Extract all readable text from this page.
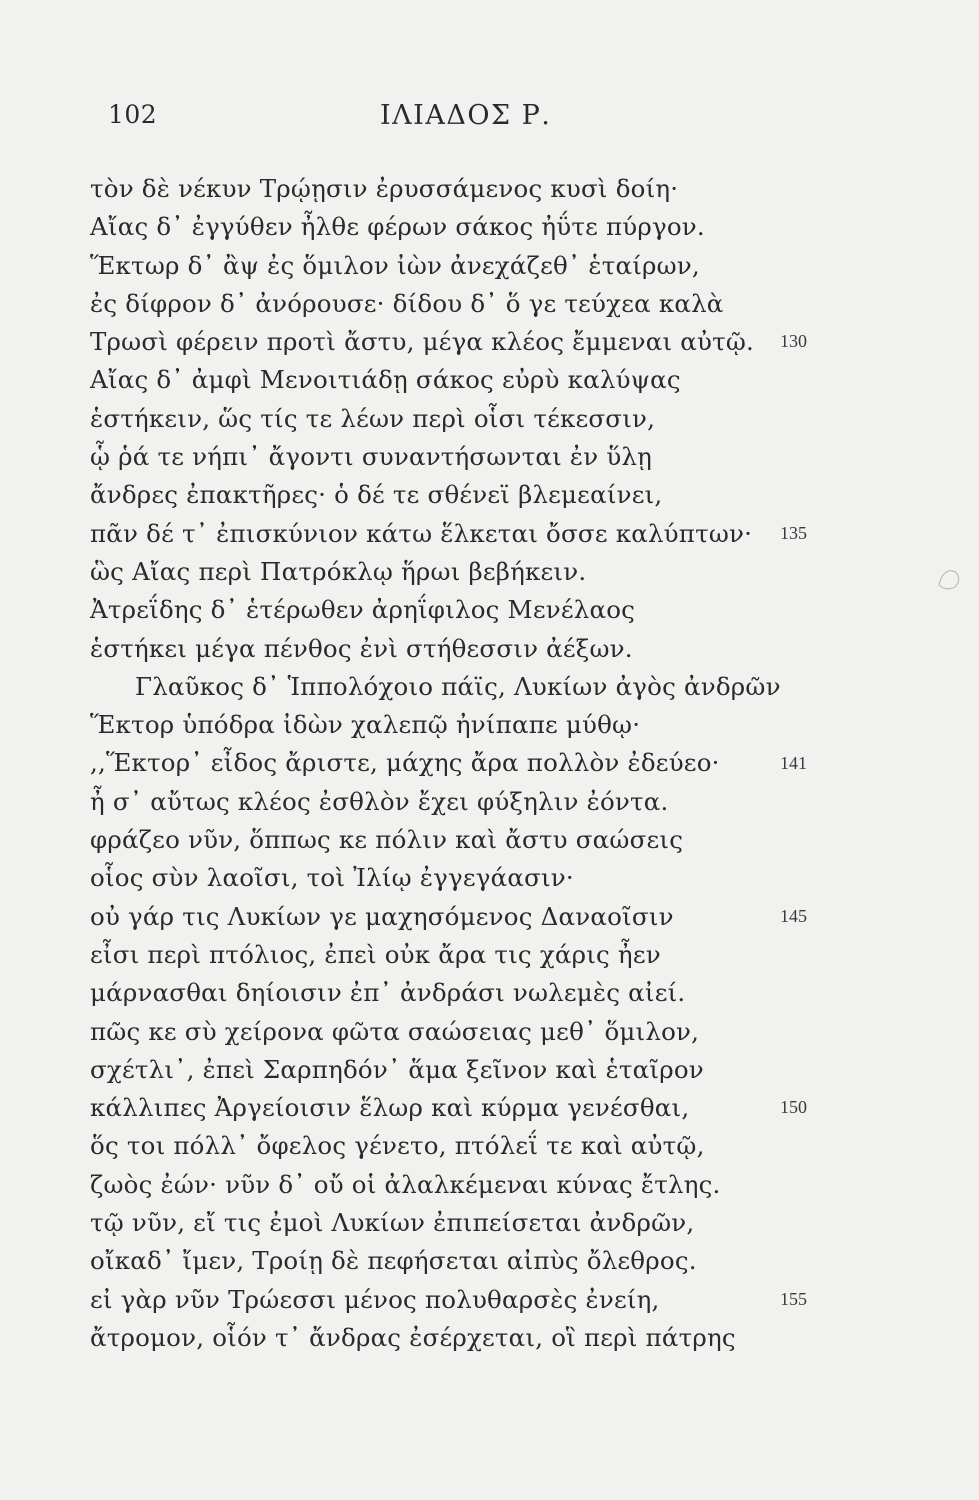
102	ΙΛΙΑΔΟΣ Ρ.
τὸν δὲ νέκυν Τρῴῃσιν ἐρυσσάμενος κυσὶ δοίη·
Αἴας δ᾽ ἐγγύθεν ἦλθε φέρων σάκος ἠΰτε πύργον.
Ἕκτωρ δ᾽ ἂψ ἐς ὅμιλον ἰὼν ἀνεχάζεθ᾽ ἑταίρων,
ἐς δίφρον δ᾽ ἀνόρουσε· δίδου δ᾽ ὅ γε τεύχεα καλὰ
Τρωσὶ φέρειν προτὶ ἄστυ, μέγα κλέος ἔμμεναι αὐτῷ.
Αἴας δ᾽ ἀμφὶ Μενοιτιάδῃ σάκος εὐρὺ καλύψας
ἑστήκειν, ὥς τίς τε λέων περὶ οἷσι τέκεσσιν,
ᾧ ῥά τε νήπι᾽ ἄγοντι συναντήσωνται ἐν ὕλῃ
ἄνδρες ἐπακτῆρες· ὁ δέ τε σθένεϊ βλεμεαίνει,
πᾶν δέ τ᾽ ἐπισκύνιον κάτω ἕλκεται ὄσσε καλύπτων·
ὣς Αἴας περὶ Πατρόκλῳ ἥρωι βεβήκειν.
Ἀτρεΐδης δ᾽ ἑτέρωθεν ἀρηΐφιλος Μενέλαος
ἑστήκει μέγα πένθος ἐνὶ στήθεσσιν ἀέξων.
Γλαῦκος δ᾽ Ἱππολόχοιο πάϊς, Λυκίων ἀγὸς ἀνδρῶν
Ἕκτορ ὑπόδρα ἰδὼν χαλεπῷ ἠνίπαπε μύθῳ·
,,Ἕκτορ᾽ εἶδος ἄριστε, μάχης ἄρα πολλὸν ἐδεύεο·
ἦ σ᾽ αὔτως κλέος ἐσθλὸν ἔχει φύξηλιν ἐόντα.
φράζεο νῦν, ὅππως κε πόλιν καὶ ἄστυ σαώσεις
οἷος σὺν λαοῖσι, τοὶ Ἰλίῳ ἐγγεγάασιν·
οὐ γάρ τις Λυκίων γε μαχησόμενος Δαναοῖσιν
εἶσι περὶ πτόλιος, ἐπεὶ οὐκ ἄρα τις χάρις ἦεν
μάρνασθαι δηίοισιν ἐπ᾽ ἀνδράσι νωλεμὲς αἰεί.
πῶς κε σὺ χείρονα φῶτα σαώσειας μεθ᾽ ὅμιλον,
σχέτλι᾽, ἐπεὶ Σαρπηδόν᾽ ἅμα ξεῖνον καὶ ἑταῖρον
κάλλιπες Ἀργείοισιν ἕλωρ καὶ κύρμα γενέσθαι,
ὅς τοι πόλλ᾽ ὄφελος γένετο, πτόλεΐ τε καὶ αὐτῷ,
ζωὸς ἐών· νῦν δ᾽ οὔ οἱ ἀλαλκέμεναι κύνας ἔτλης.
τῷ νῦν, εἴ τις ἐμοὶ Λυκίων ἐπιπείσεται ἀνδρῶν,
οἴκαδ᾽ ἴμεν, Τροίῃ δὲ πεφήσεται αἰπὺς ὄλεθρος.
εἰ γὰρ νῦν Τρώεσσι μένος πολυθαρσὲς ἐνείη,
ἄτρομον, οἷόν τ᾽ ἄνδρας ἐσέρχεται, οἳ περὶ πάτρης
130
135
141
145
150
155
